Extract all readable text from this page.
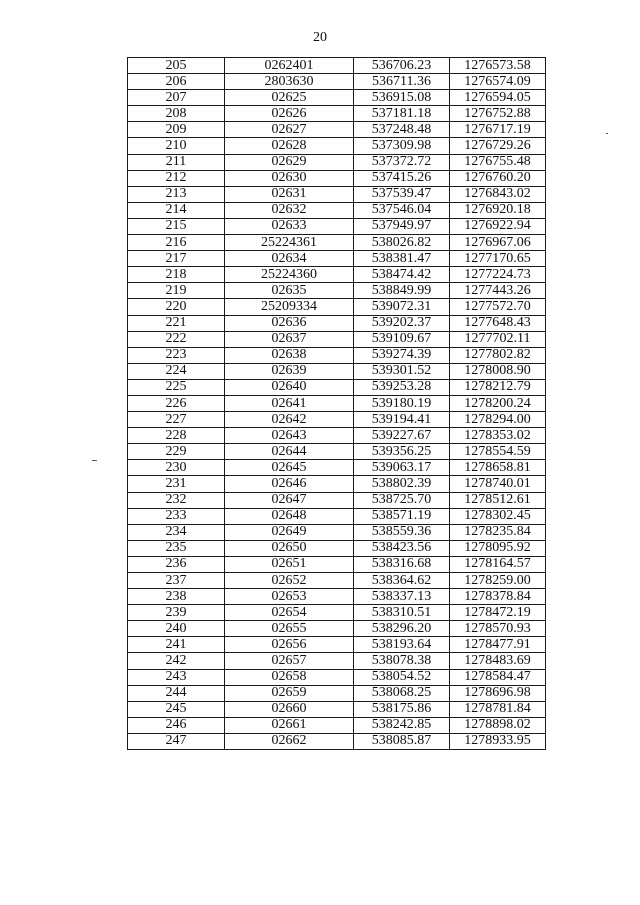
20
205	0262401	536706.23	1276573.58
206	2803630	536711.36	1276574.09
207	02625	536915.08	1276594.05
208	02626	537181.18	1276752.88
209	02627	537248.48	1276717.19
210	02628	537309.98	1276729.26
211	02629	537372.72	1276755.48
212	02630	537415.26	1276760.20
213	02631	537539.47	1276843.02
214	02632	537546.04	1276920.18
215	02633	537949.97	1276922.94
216	25224361	538026.82	1276967.06
217	02634	538381.47	1277170.65
218	25224360	538474.42	1277224.73
219	02635	538849.99	1277443.26
220	25209334	539072.31	1277572.70
221	02636	539202.37	1277648.43
222	02637	539109.67	1277702.11
223	02638	539274.39	1277802.82
224	02639	539301.52	1278008.90
225	02640	539253.28	1278212.79
226	02641	539180.19	1278200.24
227	02642	539194.41	1278294.00
228	02643	539227.67	1278353.02
229	02644	539356.25	1278554.59
230	02645	539063.17	1278658.81
231	02646	538802.39	1278740.01
232	02647	538725.70	1278512.61
233	02648	538571.19	1278302.45
234	02649	538559.36	1278235.84
235	02650	538423.56	1278095.92
236	02651	538316.68	1278164.57
237	02652	538364.62	1278259.00
238	02653	538337.13	1278378.84
239	02654	538310.51	1278472.19
240	02655	538296.20	1278570.93
241	02656	538193.64	1278477.91
242	02657	538078.38	1278483.69
243	02658	538054.52	1278584.47
244	02659	538068.25	1278696.98
245	02660	538175.86	1278781.84
246	02661	538242.85	1278898.02
247	02662	538085.87	1278933.95
